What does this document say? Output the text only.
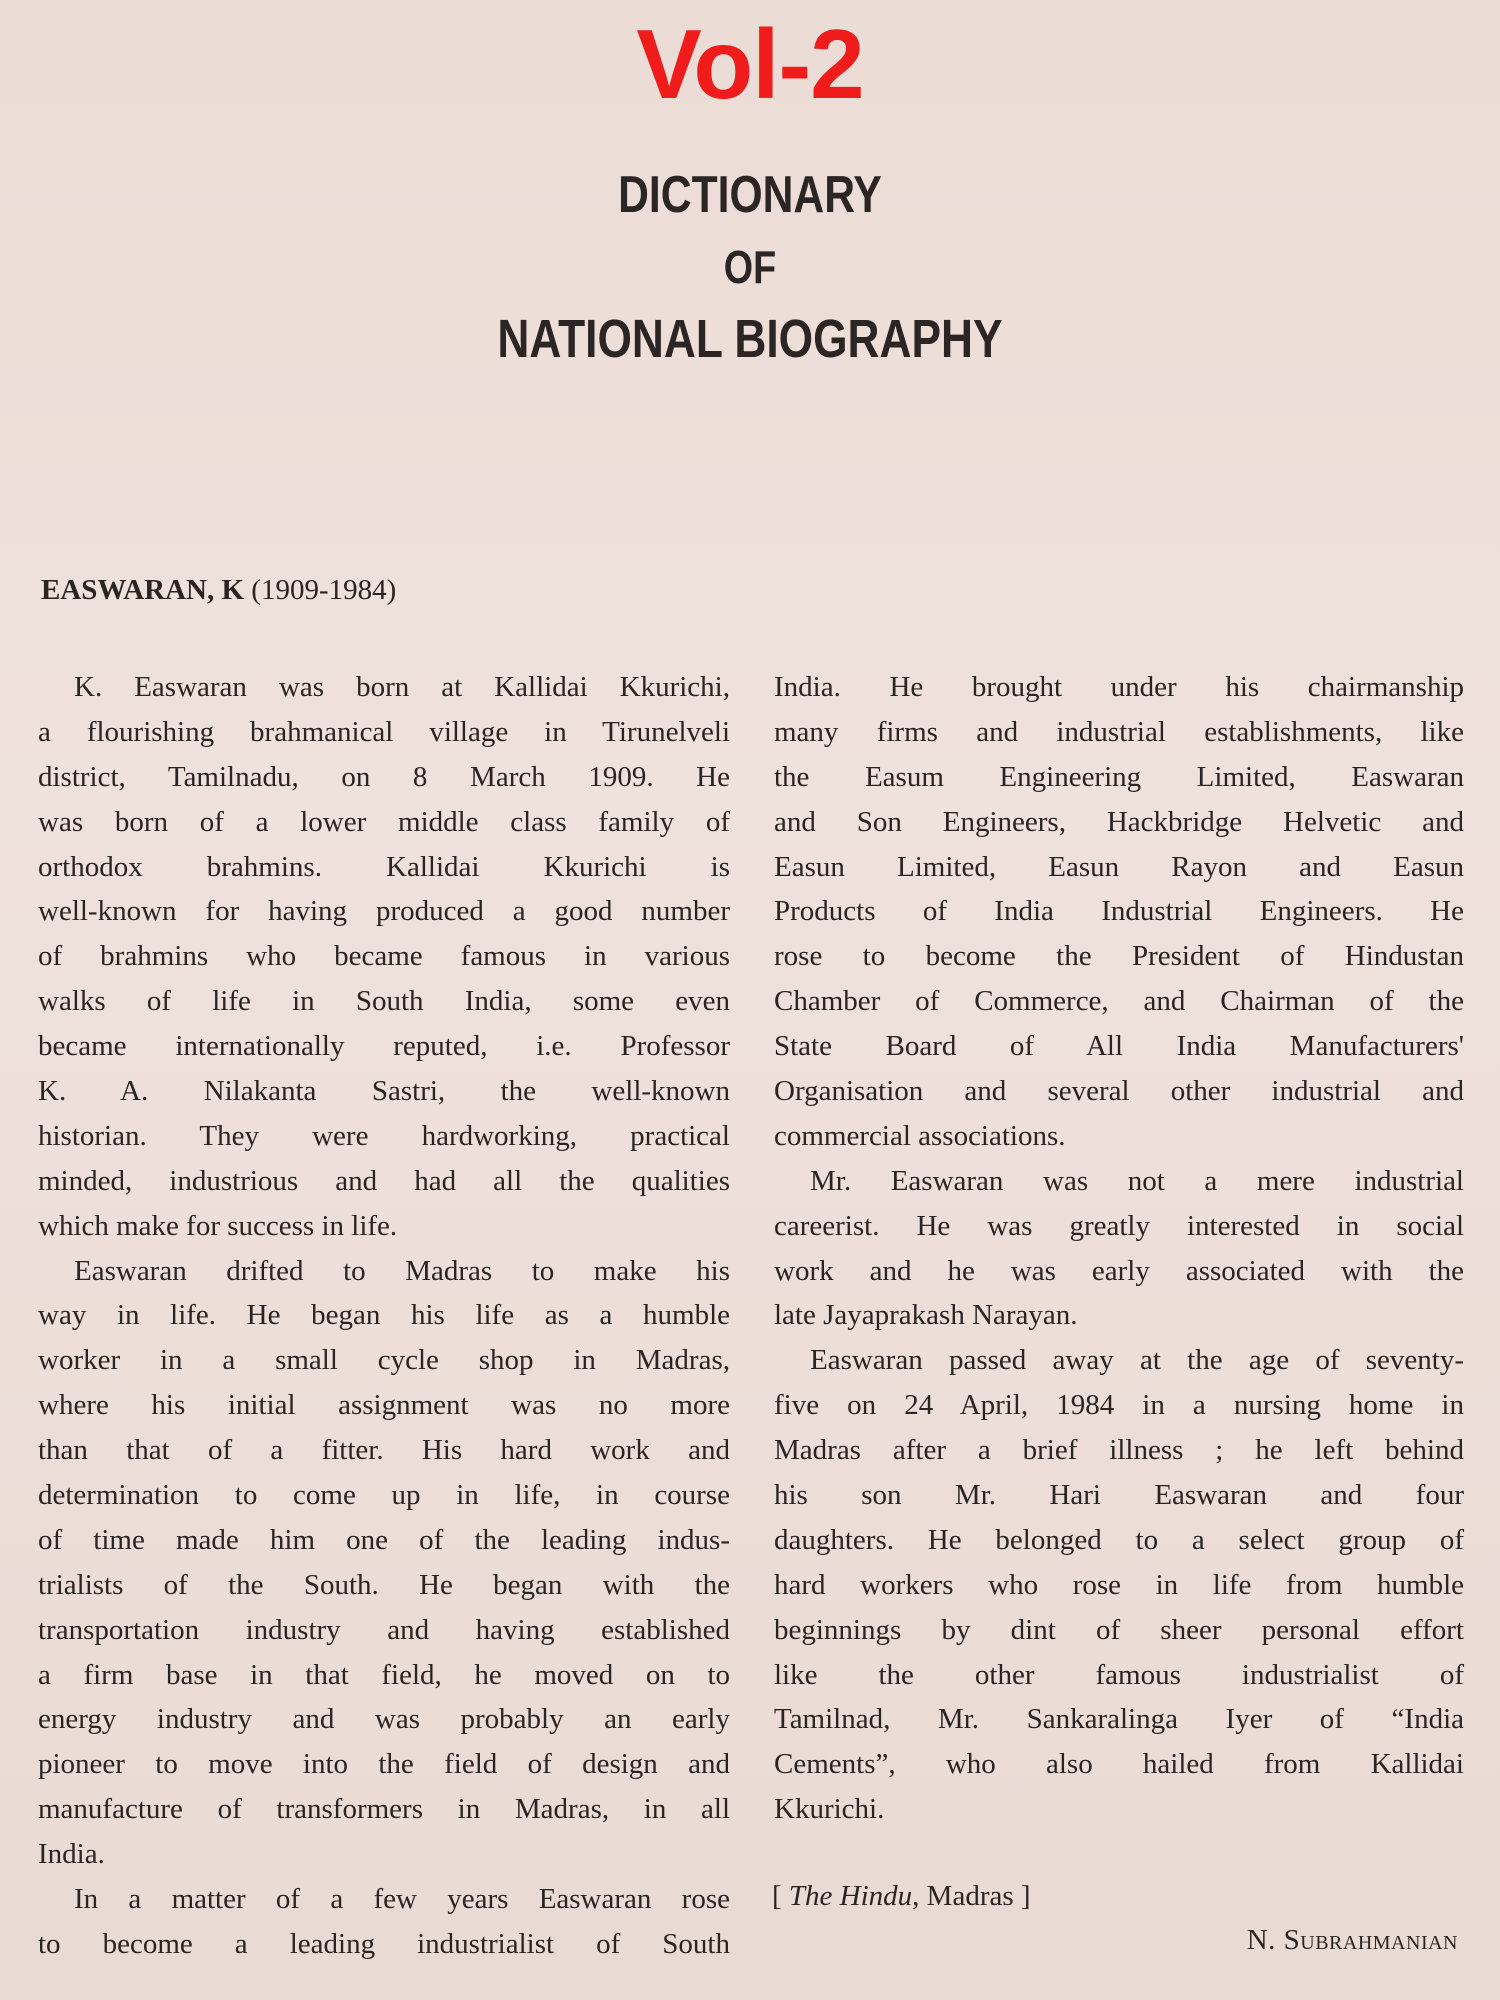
Vol-2
DICTIONARY
OF
NATIONAL BIOGRAPHY
EASWARAN, K (1909-1984)
K. Easwaran was born at Kallidai Kkurichi,
a flourishing brahmanical village in Tirunelveli
district, Tamilnadu, on 8 March 1909. He
was born of a lower middle class family of
orthodox brahmins. Kallidai Kkurichi is
well-known for having produced a good number
of brahmins who became famous in various
walks of life in South India, some even
became internationally reputed, i.e. Professor
K. A. Nilakanta Sastri, the well-known
historian. They were hardworking, practical
minded, industrious and had all the qualities
which make for success in life.
Easwaran drifted to Madras to make his
way in life. He began his life as a humble
worker in a small cycle shop in Madras,
where his initial assignment was no more
than that of a fitter. His hard work and
determination to come up in life, in course
of time made him one of the leading indus-
trialists of the South. He began with the
transportation industry and having established
a firm base in that field, he moved on to
energy industry and was probably an early
pioneer to move into the field of design and
manufacture of transformers in Madras, in all
India.
In a matter of a few years Easwaran rose
to become a leading industrialist of South
India. He brought under his chairmanship
many firms and industrial establishments, like
the Easum Engineering Limited, Easwaran
and Son Engineers, Hackbridge Helvetic and
Easun Limited, Easun Rayon and Easun
Products of India Industrial Engineers. He
rose to become the President of Hindustan
Chamber of Commerce, and Chairman of the
State Board of All India Manufacturers'
Organisation and several other industrial and
commercial associations.
Mr. Easwaran was not a mere industrial
careerist. He was greatly interested in social
work and he was early associated with the
late Jayaprakash Narayan.
Easwaran passed away at the age of seventy-
five on 24 April, 1984 in a nursing home in
Madras after a brief illness ; he left behind
his son Mr. Hari Easwaran and four
daughters. He belonged to a select group of
hard workers who rose in life from humble
beginnings by dint of sheer personal effort
like the other famous industrialist of
Tamilnad, Mr. Sankaralinga Iyer of “India
Cements”, who also hailed from Kallidai
Kkurichi.
[ The Hindu, Madras ]
N. Subrahmanian
